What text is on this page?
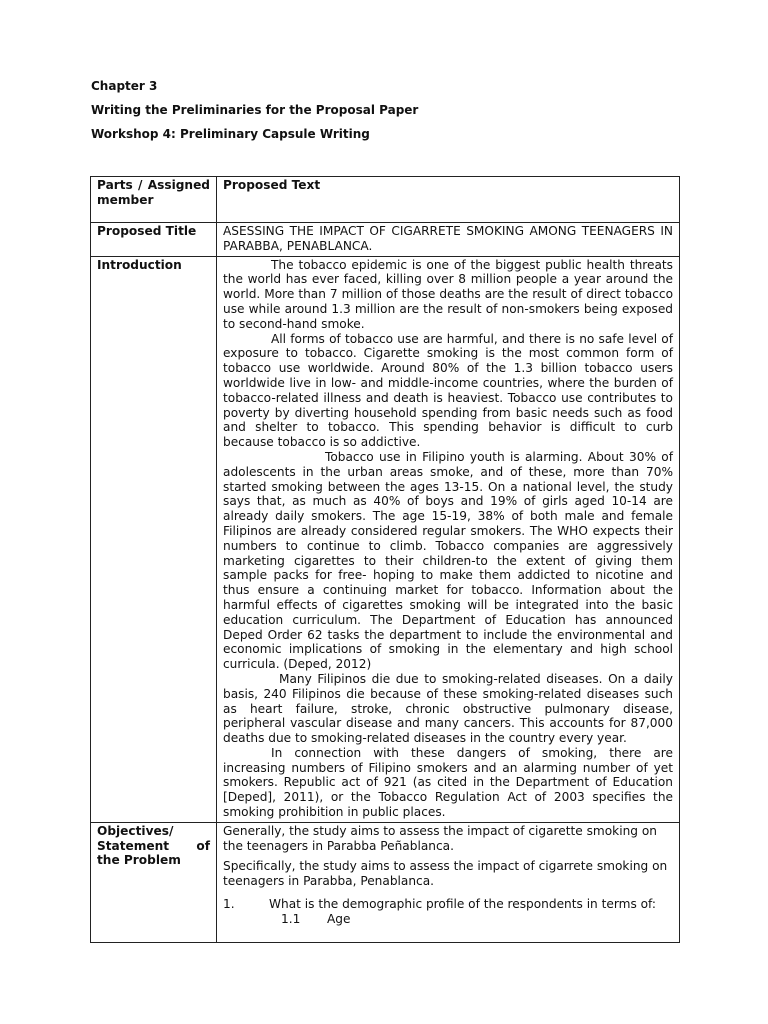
Chapter 3
Writing the Preliminaries for the Proposal Paper
Workshop 4: Preliminary Capsule Writing
Parts / Assigned member	Proposed Text
Proposed Title	ASESSING THE IMPACT OF CIGARRETE SMOKING AMONG TEENAGERS IN PARABBA, PENABLANCA.
Introduction	The tobacco epidemic is one of the biggest public health threats the world has ever faced, killing over 8 million people a year around the world. More than 7 million of those deaths are the result of direct tobacco use while around 1.3 million are the result of non-smokers being exposed to second-hand smoke.

All forms of tobacco use are harmful, and there is no safe level of exposure to tobacco. Cigarette smoking is the most common form of tobacco use worldwide. Around 80% of the 1.3 billion tobacco users worldwide live in low- and middle-income countries, where the burden of tobacco-related illness and death is heaviest. Tobacco use contributes to poverty by diverting household spending from basic needs such as food and shelter to tobacco. This spending behavior is difficult to curb because tobacco is so addictive.

Tobacco use in Filipino youth is alarming. About 30% of adolescents in the urban areas smoke, and of these, more than 70% started smoking between the ages 13-15. On a national level, the study says that, as much as 40% of boys and 19% of girls aged 10-14 are already daily smokers. The age 15-19, 38% of both male and female Filipinos are already considered regular smokers. The WHO expects their numbers to continue to climb. Tobacco companies are aggressively marketing cigarettes to their children-to the extent of giving them sample packs for free- hoping to make them addicted to nicotine and thus ensure a continuing market for tobacco. Information about the harmful effects of cigarettes smoking will be integrated into the basic education curriculum. The Department of Education has announced Deped Order 62 tasks the department to include the environmental and economic implications of smoking in the elementary and high school curricula. (Deped, 2012)

Many Filipinos die due to smoking-related diseases. On a daily basis, 240 Filipinos die because of these smoking-related diseases such as heart failure, stroke, chronic obstructive pulmonary disease, peripheral vascular disease and many cancers. This accounts for 87,000 deaths due to smoking-related diseases in the country every year.

In connection with these dangers of smoking, there are increasing numbers of Filipino smokers and an alarming number of yet smokers. Republic act of 921 (as cited in the Department of Education [Deped], 2011), or the Tobacco Regulation Act of 2003 specifies the smoking prohibition in public places.

Objectives/ Statement of the Problem	Generally, the study aims to assess the impact of cigarette smoking on the teenagers in Parabba Peñablanca.

Specifically, the study aims to assess the impact of cigarrete smoking on teenagers in Parabba, Penablanca.

1. What is the demographic profile of the respondents in terms of:
1.1 Age
